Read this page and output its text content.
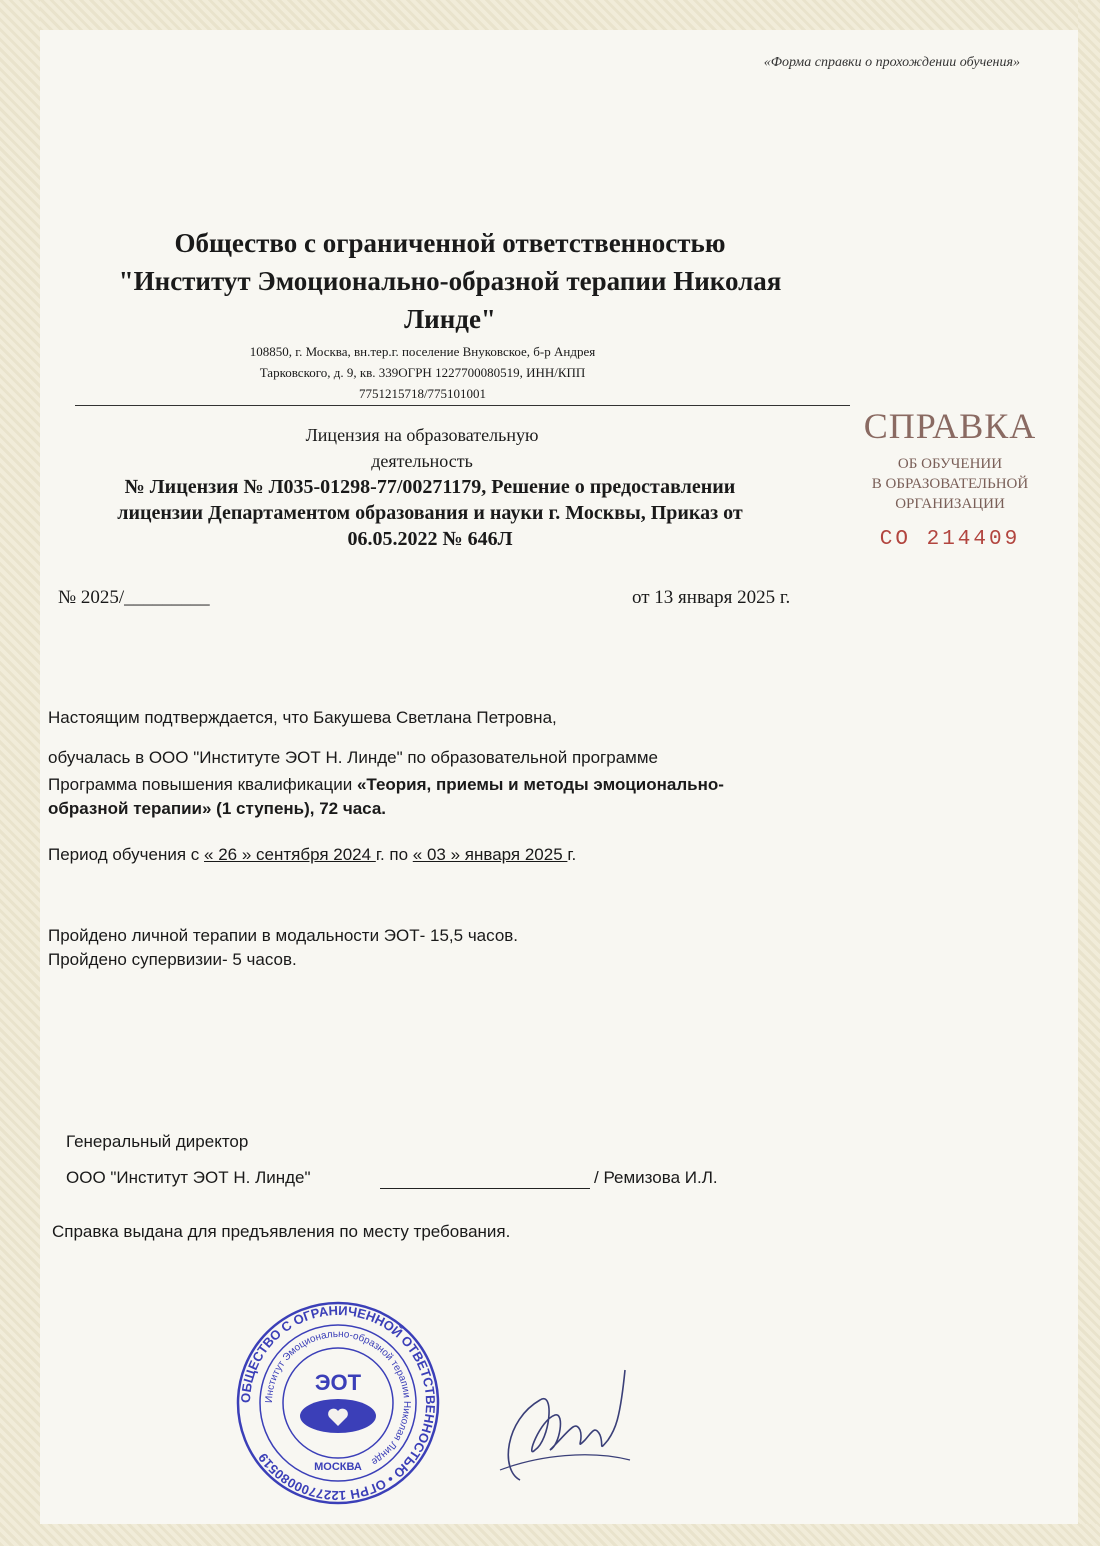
«Форма справки о прохождении обучения»
Общество с ограниченной ответственностью
"Институт Эмоционально-образной терапии Николая
Линде"
108850, г. Москва, вн.тер.г. поселение Внуковское, б-р Андрея
Тарковского, д. 9, кв. 339ОГРН 1227700080519, ИНН/КПП
7751215718/775101001
Лицензия на образовательную
деятельность
№ Лицензия № Л035-01298-77/00271179, Решение о предоставлении
лицензии Департаментом образования и науки г. Москвы, Приказ от
06.05.2022 № 646Л
СПРАВКА
ОБ ОБУЧЕНИИ
В ОБРАЗОВАТЕЛЬНОЙ
ОРГАНИЗАЦИИ
СО 214409
№ 2025/_________	от 13 января 2025 г.
Настоящим подтверждается, что Бакушева Светлана Петровна,
обучалась в ООО "Институте ЭОТ Н. Линде" по образовательной программе
Программа повышения квалификации «Теория, приемы и методы эмоционально-
образной терапии» (1 ступень), 72 часа.
Период обучения с « 26 » сентября 2024 г. по « 03 » января 2025 г.
Пройдено личной терапии в модальности ЭОТ- 15,5 часов.
Пройдено супервизии- 5 часов.
Справка выдана для предъявления по месту требования.
ОБЩЕСТВО С ОГРАНИЧЕННОЙ ОТВЕТСТВЕННОСТЬЮ • ОГРН 1227700080519
Институт Эмоционально-образной терапии Николая Линде
ЭОТ
МОСКВА
Генеральный директор
ООО "Институт ЭОТ Н. Линде"	/ Ремизова И.Л.
